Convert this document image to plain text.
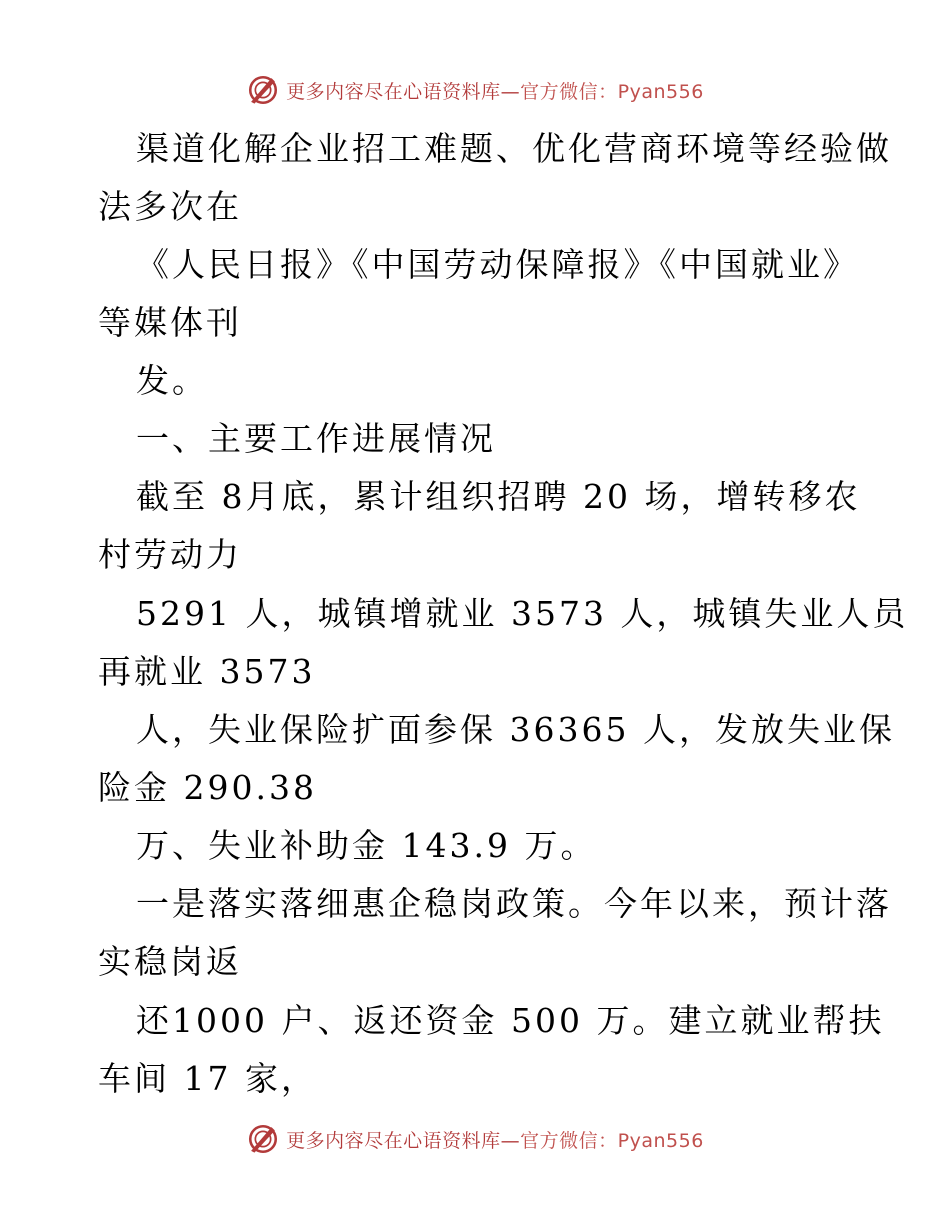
更多内容尽在心语资料库—官方微信：Pyan556
渠道化解企业招工难题、优化营商环境等经验做
法多次在
《人民日报》《中国劳动保障报》《中国就业》
等媒体刊
发。
一、主要工作进展情况
截至 8月底，累计组织招聘 20 场，增转移农
村劳动力
5291 人，城镇增就业 3573 人，城镇失业人员
再就业 3573
人，失业保险扩面参保 36365 人，发放失业保
险金 290.38
万、失业补助金 143.9 万。
一是落实落细惠企稳岗政策。今年以来，预计落
实稳岗返
还1000 户、返还资金 500 万。建立就业帮扶
车间 17 家，
更多内容尽在心语资料库—官方微信：Pyan556
